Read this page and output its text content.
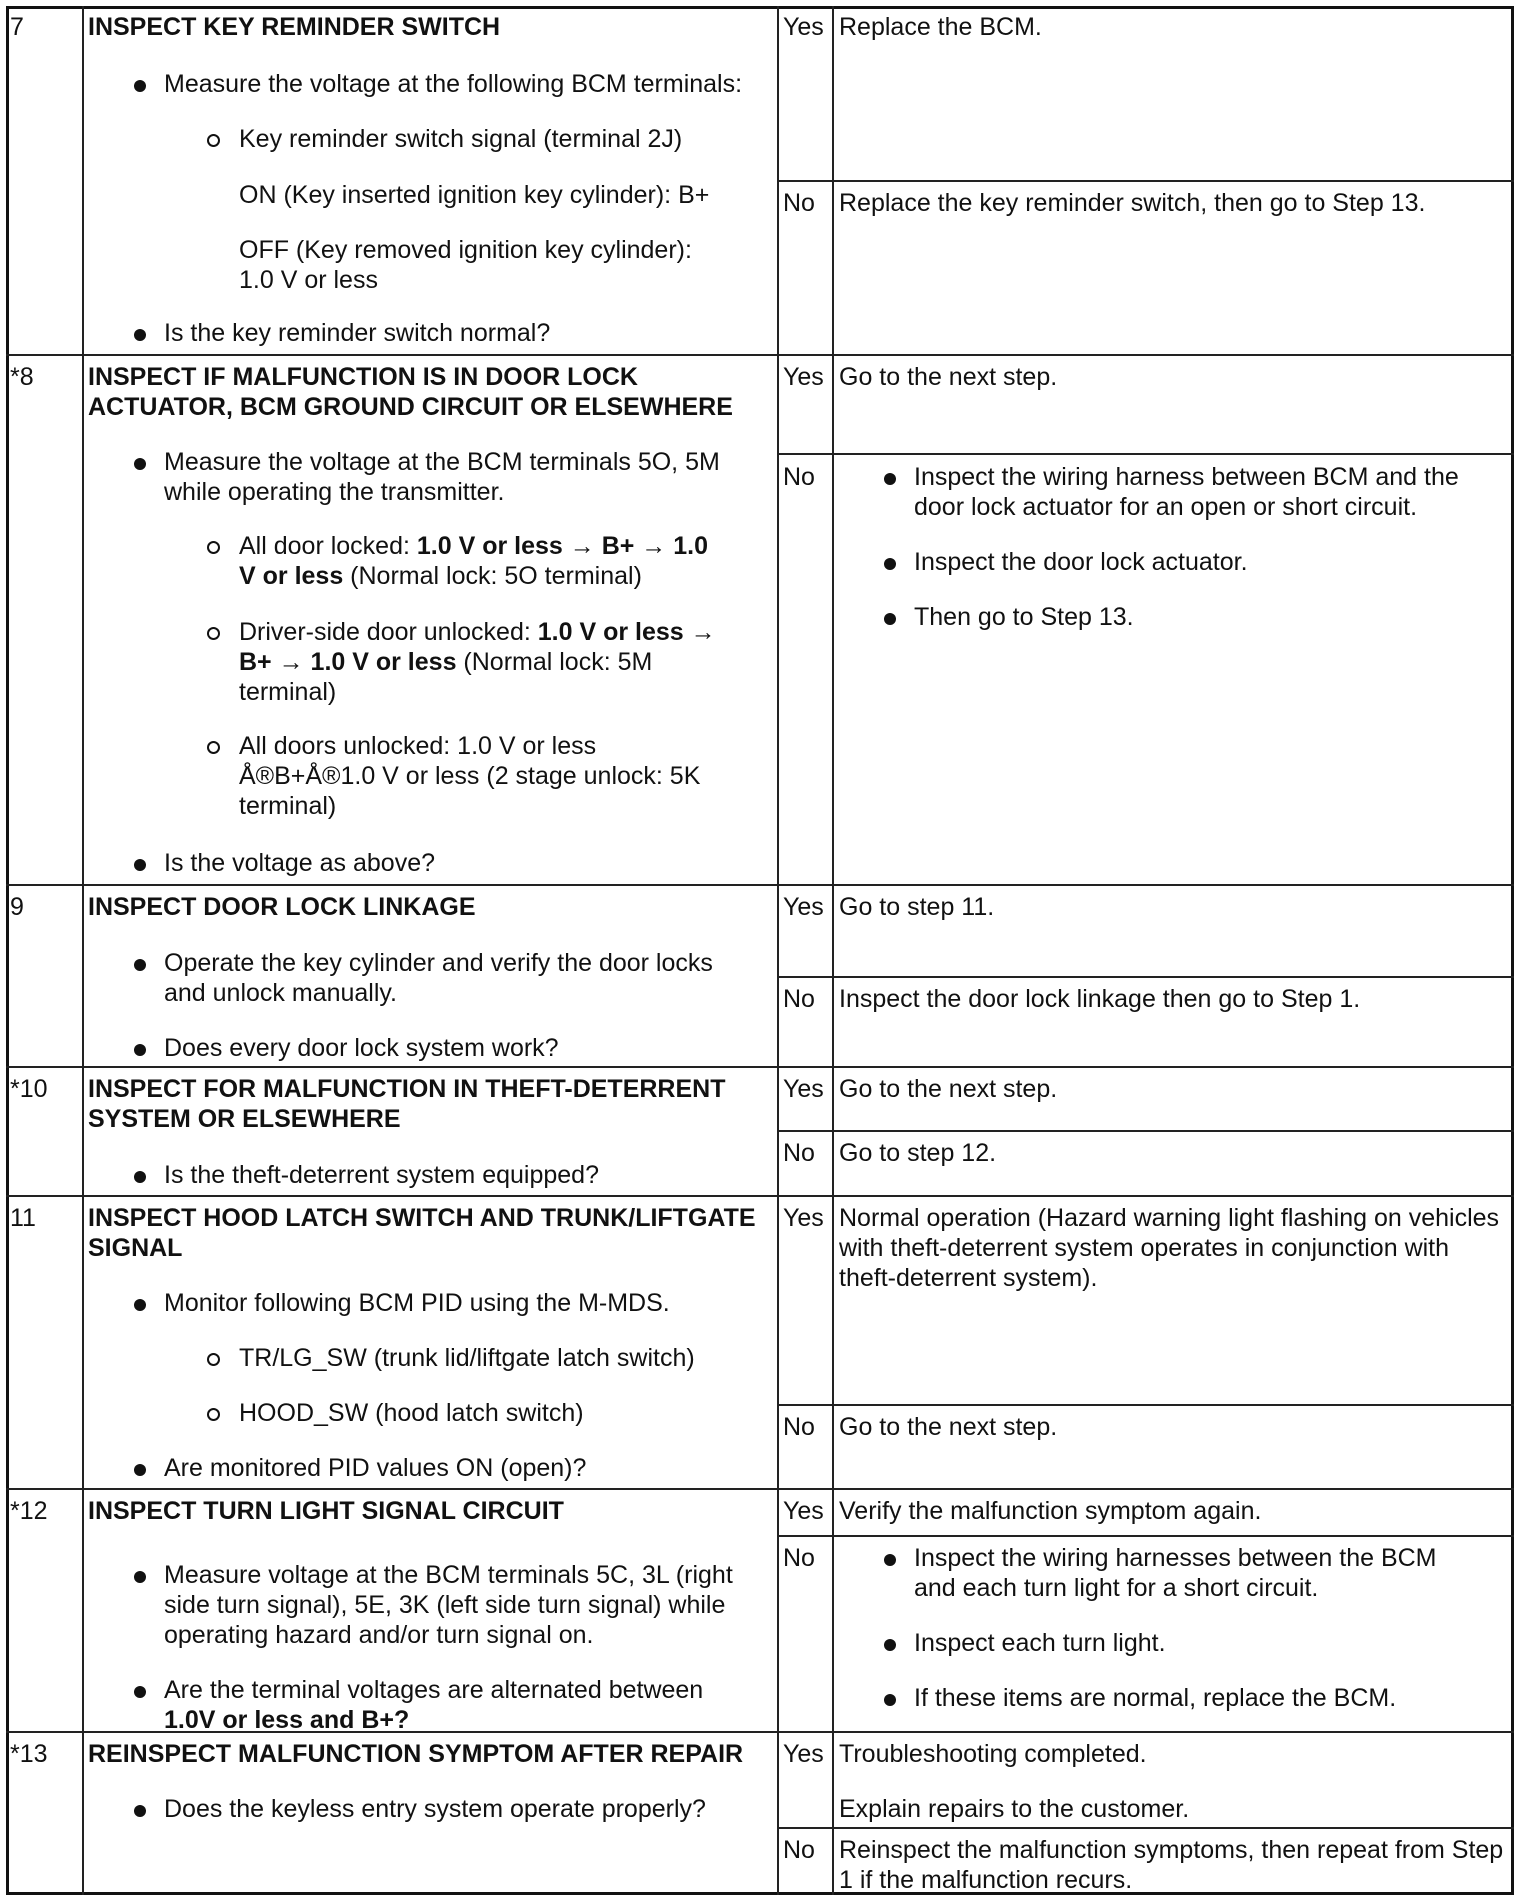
7	INSPECT KEY REMINDER SWITCH
Measure the voltage at the following BCM terminals:
Key reminder switch signal (terminal 2J)
ON (Key inserted ignition key cylinder): B+
OFF (Key removed ignition key cylinder):
1.0 V or less
Is the key reminder switch normal?
Yes Replace the BCM.
No Replace the key reminder switch, then go to Step 13.
*8 INSPECT IF MALFUNCTION IS IN DOOR LOCK
ACTUATOR, BCM GROUND CIRCUIT OR ELSEWHERE
Measure the voltage at the BCM terminals 5O, 5M
while operating the transmitter.
All door locked: 1.0 V or less → B+ → 1.0
V or less (Normal lock: 5O terminal)
Driver-side door unlocked: 1.0 V or less →
B+ → 1.0 V or less (Normal lock: 5M
terminal)
All doors unlocked: 1.0 V or less
Å®B+Å®1.0 V or less (2 stage unlock: 5K
terminal)
Is the voltage as above?
Yes Go to the next step.
No	Inspect the wiring harness between BCM and the
door lock actuator for an open or short circuit.
Inspect the door lock actuator.
Then go to Step 13.
9	INSPECT DOOR LOCK LINKAGE
Operate the key cylinder and verify the door locks
and unlock manually.
Does every door lock system work?
Yes Go to step 11.
No Inspect the door lock linkage then go to Step 1.
*10 INSPECT FOR MALFUNCTION IN THEFT-DETERRENT
SYSTEM OR ELSEWHERE
Is the theft-deterrent system equipped?
Yes Go to the next step.
No Go to step 12.
11 INSPECT HOOD LATCH SWITCH AND TRUNK/LIFTGATE
SIGNAL
Monitor following BCM PID using the M-MDS.
TR/LG_SW (trunk lid/liftgate latch switch)
HOOD_SW (hood latch switch)
Are monitored PID values ON (open)?
Yes Normal operation (Hazard warning light flashing on vehicles
with theft-deterrent system operates in conjunction with
theft-deterrent system).
No Go to the next step.
*12 INSPECT TURN LIGHT SIGNAL CIRCUIT
Measure voltage at the BCM terminals 5C, 3L (right
side turn signal), 5E, 3K (left side turn signal) while
operating hazard and/or turn signal on.
Are the terminal voltages are alternated between
1.0V or less and B+?
Yes Verify the malfunction symptom again.
No	Inspect the wiring harnesses between the BCM
and each turn light for a short circuit.
Inspect each turn light.
If these items are normal, replace the BCM.
*13 REINSPECT MALFUNCTION SYMPTOM AFTER REPAIR
Does the keyless entry system operate properly?
Yes Troubleshooting completed.
Explain repairs to the customer.
No Reinspect the malfunction symptoms, then repeat from Step
1 if the malfunction recurs.
